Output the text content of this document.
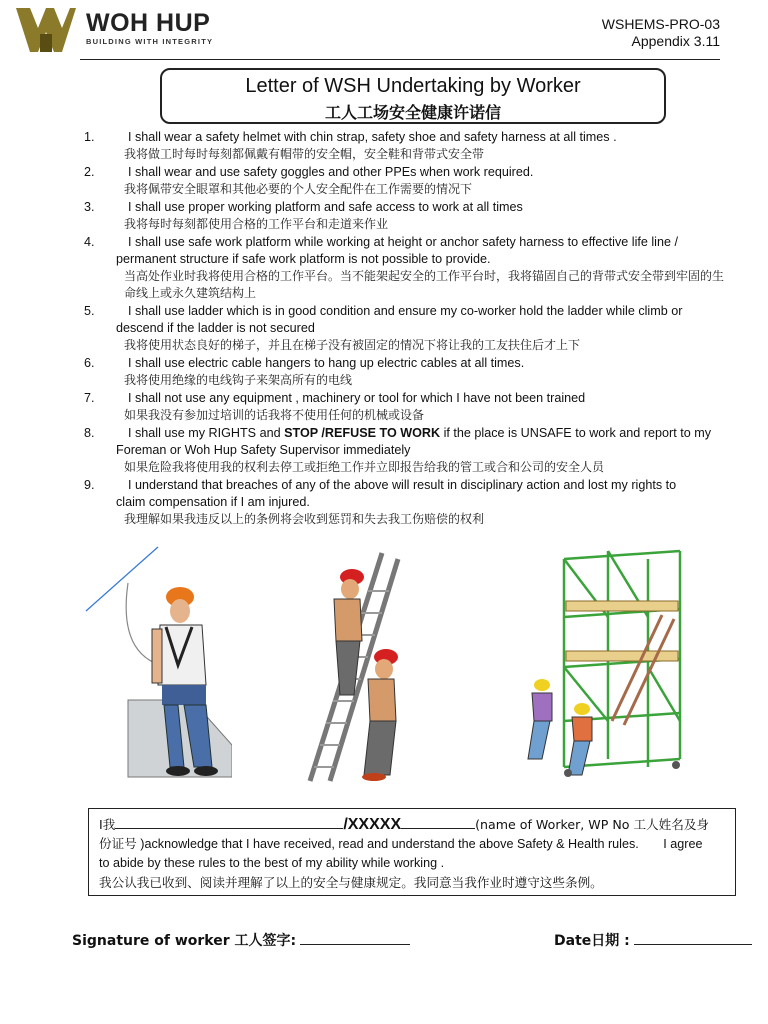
WOH HUP
BUILDING WITH INTEGRITY
WSHEMS-PRO-03
Appendix 3.11
Letter of WSH Undertaking by Worker
工人工场安全健康许诺信
1.	I shall wear a safety helmet with chin strap, safety shoe and safety harness at all times .
我将做工时每时每刻都佩戴有帽带的安全帽，安全鞋和背带式安全带
2.	I shall wear and use safety goggles and other PPEs when work required.
我将佩带安全眼罩和其他必要的个人安全配件在工作需要的情况下
3.	I shall use proper working platform and safe access to work at all times
我将每时每刻都使用合格的工作平台和走道来作业
4.	I shall use safe work platform while working at height or anchor safety harness to effective life line /
permanent structure if safe work platform is not possible to provide.
当高处作业时我将使用合格的工作平台。当不能架起安全的工作平台时，我将锚固自己的背带式安全带到牢固的生命线上或永久建筑结构上
5.	I shall use ladder which is in good condition and ensure my co-worker hold the ladder while climb or
descend if the ladder is not secured
我将使用状态良好的梯子，并且在梯子没有被固定的情况下将让我的工友扶住后才上下
6.	I shall use electric cable hangers to hang up electric cables at all times.
我将使用绝缘的电线钩子来架高所有的电线
7.	I shall not use any equipment , machinery or tool for which I have not been trained
如果我没有参加过培训的话我将不使用任何的机械或设备
8.	I shall use my RIGHTS and STOP /REFUSE TO WORK if the place is UNSAFE to work and report to my
Foreman or Woh Hup Safety Supervisor immediately
如果危险我将使用我的权利去停工或拒绝工作并立即报告给我的管工或合和公司的安全人员
9.	I understand that breaches of any of the above will result in disciplinary action and lost my rights to
claim compensation if I am injured.
我理解如果我违反以上的条例将会收到惩罚和失去我工伤赔偿的权利
I我	/XXXXX	(name of Worker, WP No 工人姓名及身
份证号 )acknowledge that I have received, read and understand the above Safety & Health rules.       I agree
to abide by these rules to the best of my ability while working .
我公认我已收到、阅读并理解了以上的安全与健康规定。我同意当我作业时遵守这些条例。
Signature of worker 工人签字:	Date日期 :
